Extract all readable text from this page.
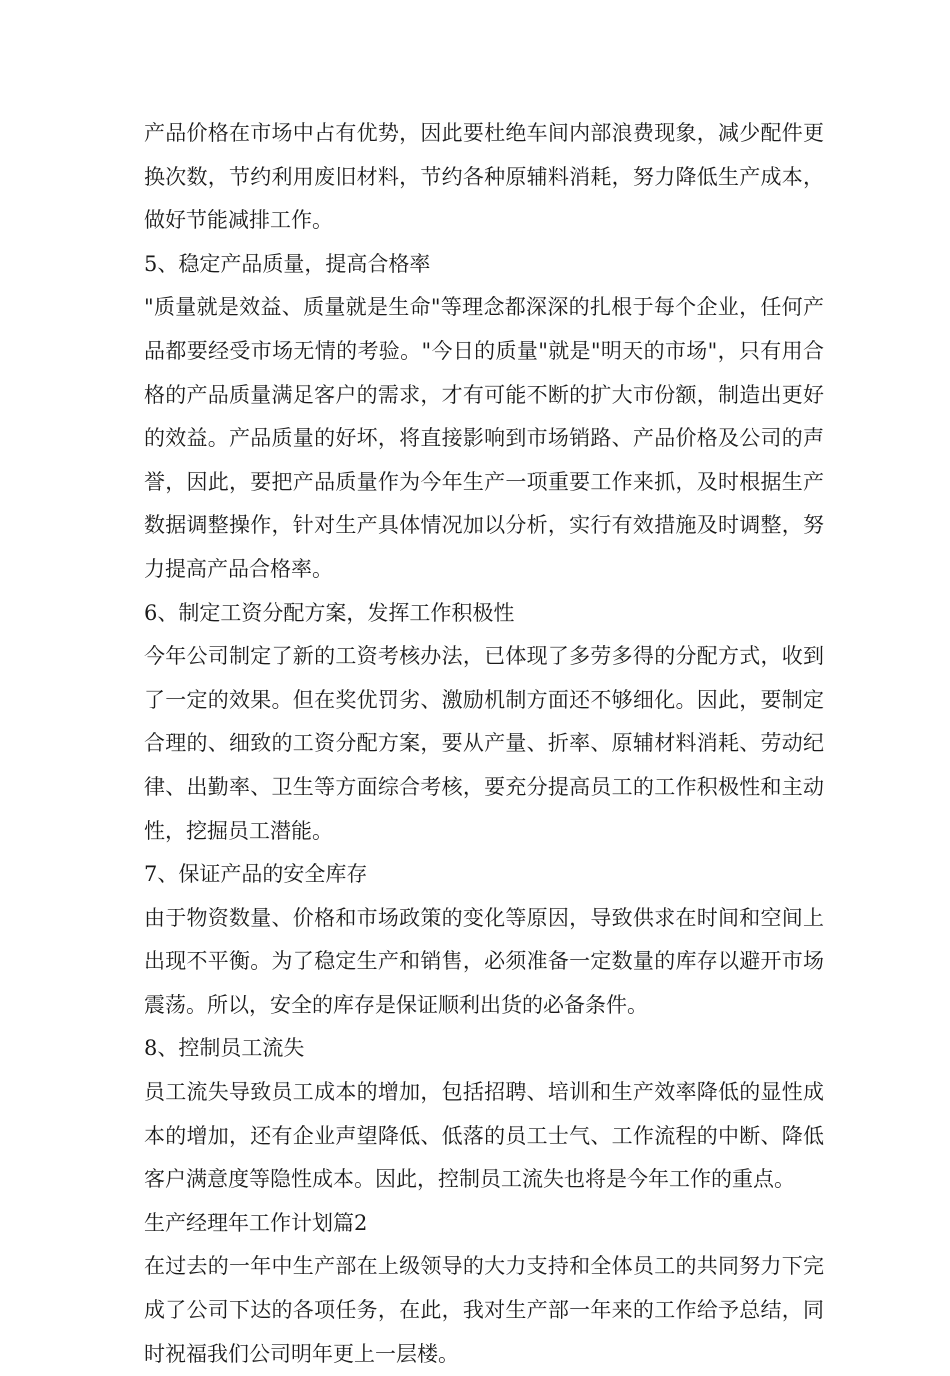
产品价格在市场中占有优势，因此要杜绝车间内部浪费现象，减少配件更换次数，节约利用废旧材料，节约各种原辅料消耗，努力降低生产成本，做好节能减排工作。

5、稳定产品质量，提高合格率

"质量就是效益、质量就是生命"等理念都深深的扎根于每个企业，任何产品都要经受市场无情的考验。"今日的质量"就是"明天的市场"，只有用合格的产品质量满足客户的需求，才有可能不断的扩大市份额，制造出更好的效益。产品质量的好坏，将直接影响到市场销路、产品价格及公司的声誉，因此，要把产品质量作为今年生产一项重要工作来抓，及时根据生产数据调整操作，针对生产具体情况加以分析，实行有效措施及时调整，努力提高产品合格率。

6、制定工资分配方案，发挥工作积极性

今年公司制定了新的工资考核办法，已体现了多劳多得的分配方式，收到了一定的效果。但在奖优罚劣、激励机制方面还不够细化。因此，要制定合理的、细致的工资分配方案，要从产量、折率、原辅材料消耗、劳动纪律、出勤率、卫生等方面综合考核，要充分提高员工的工作积极性和主动性，挖掘员工潜能。

7、保证产品的安全库存

由于物资数量、价格和市场政策的变化等原因，导致供求在时间和空间上出现不平衡。为了稳定生产和销售，必须准备一定数量的库存以避开市场震荡。所以，安全的库存是保证顺利出货的必备条件。

8、控制员工流失

员工流失导致员工成本的增加，包括招聘、培训和生产效率降低的显性成本的增加，还有企业声望降低、低落的员工士气、工作流程的中断、降低客户满意度等隐性成本。因此，控制员工流失也将是今年工作的重点。

生产经理年工作计划篇2

在过去的一年中生产部在上级领导的大力支持和全体员工的共同努力下完成了公司下达的各项任务，在此，我对生产部一年来的工作给予总结，同时祝福我们公司明年更上一层楼。
